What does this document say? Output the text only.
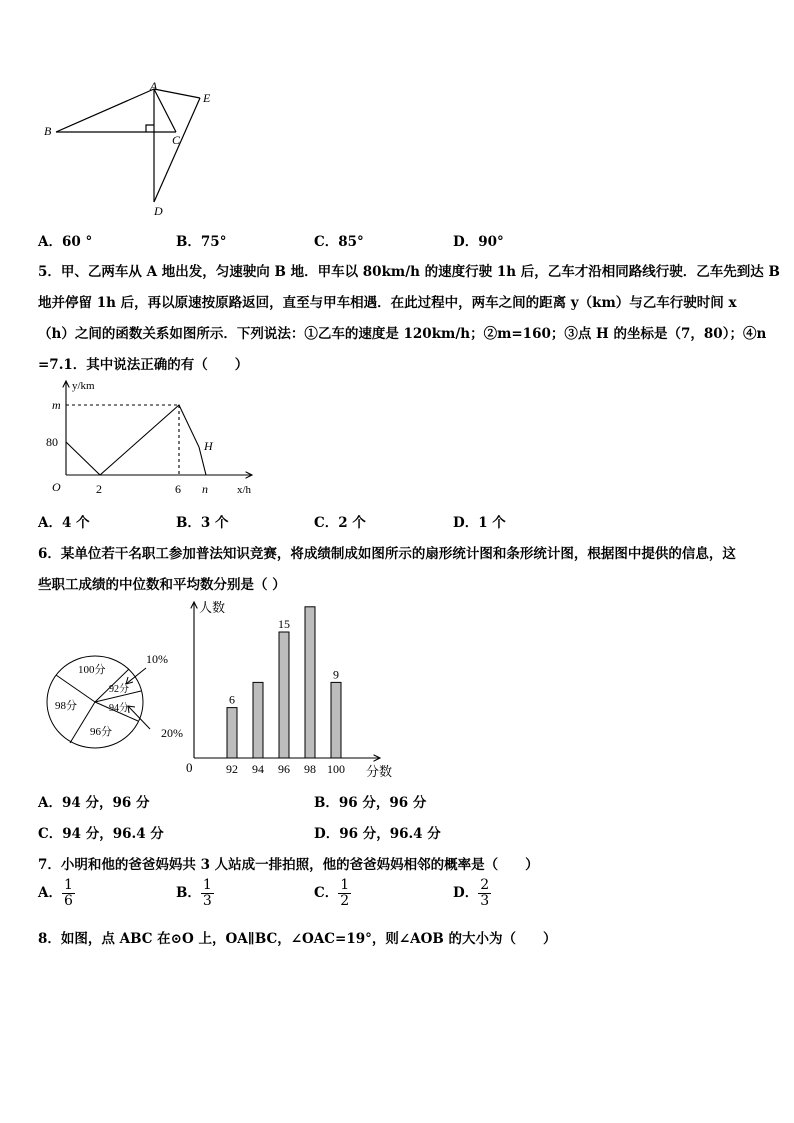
A
B
C
D
E
A．60 °	B．75°	C．85°	D．90°
5．甲、乙两车从 A 地出发，匀速驶向 B 地．甲车以 80km/h 的速度行驶 1h 后，乙车才沿相同路线行驶．乙车先到达 B
地并停留 1h 后，再以原速按原路返回，直至与甲车相遇．在此过程中，两车之间的距离 y（km）与乙车行驶时间 x
（h）之间的函数关系如图所示．下列说法：①乙车的速度是 120km/h；②m=160；③点 H 的坐标是（7，80）；④n
=7.1．其中说法正确的有（　　）
y/km
x/h
m
80
O	2	6 n
H
A．4 个	B．3 个	C．2 个	D．1 个
6．某单位若干名职工参加普法知识竞赛，将成绩制成如图所示的扇形统计图和条形统计图，根据图中提供的信息，这
些职工成绩的中位数和平均数分别是（ ）
100分
98分
96分
94分
92分
10%
20%
92
6
94 96
15
98 100
9
人数
分数
0
A．94 分，96 分	B．96 分，96 分
C．94 分，96.4 分	D．96 分，96.4 分
7．小明和他的爸爸妈妈共 3 人站成一排拍照，他的爸爸妈妈相邻的概率是（　　）
A． $\frac{1}{6}$	B． $\frac{1}{3}$	C． $\frac{1}{2}$	D． $\frac{2}{3}$
8．如图，点 ABC 在⊙O 上，OA∥BC，∠OAC=19°，则∠AOB 的大小为（　　）
